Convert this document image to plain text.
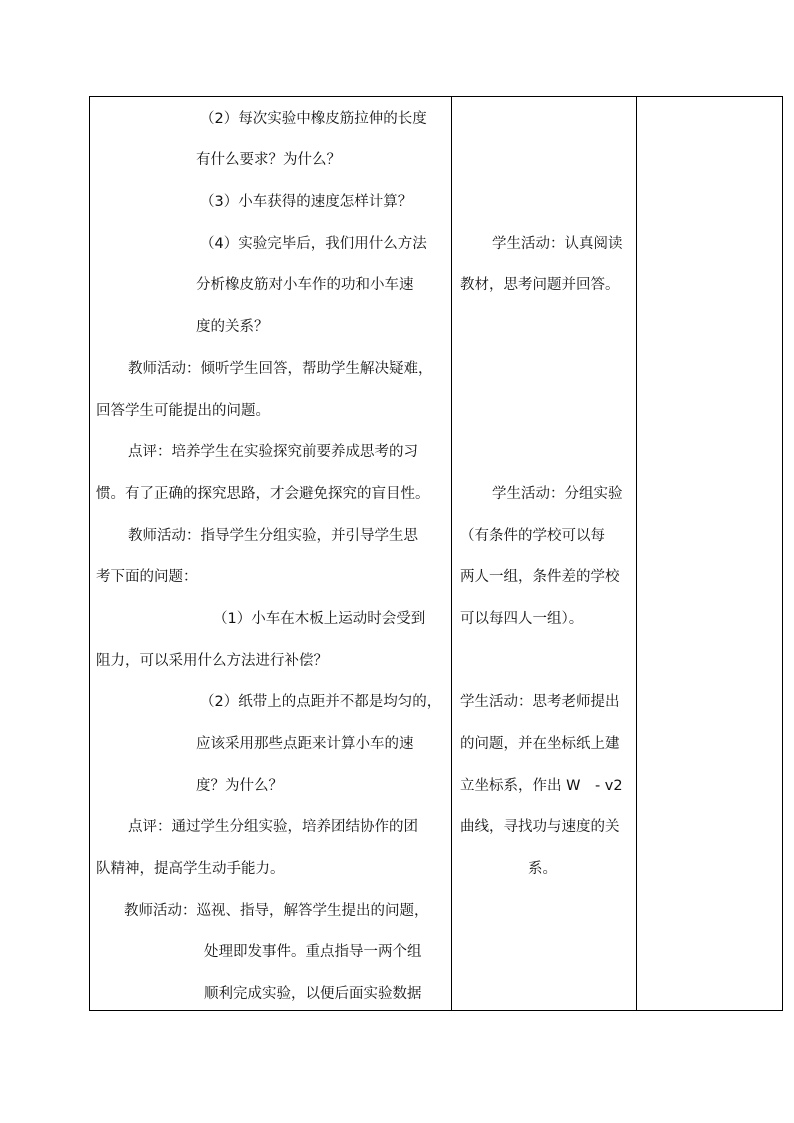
（2）每次实验中橡皮筋拉伸的长度
有什么要求？为什么？
（3）小车获得的速度怎样计算？
（4）实验完毕后，我们用什么方法
分析橡皮筋对小车作的功和小车速
度的关系？
教师活动：倾听学生回答，帮助学生解决疑难，
回答学生可能提出的问题。
点评：培养学生在实验探究前要养成思考的习
惯。有了正确的探究思路，才会避免探究的盲目性。
教师活动：指导学生分组实验，并引导学生思
考下面的问题：
（1）小车在木板上运动时会受到
阻力，可以采用什么方法进行补偿？
（2）纸带上的点距并不都是均匀的，
应该采用那些点距来计算小车的速
度？为什么？
点评：通过学生分组实验，培养团结协作的团
队精神，提高学生动手能力。
教师活动：巡视、指导，解答学生提出的问题，
处理即发事件。重点指导一两个组
顺利完成实验，以便后面实验数据
学生活动：认真阅读
教材，思考问题并回答。
学生活动：分组实验
（有条件的学校可以每
两人一组，条件差的学校
可以每四人一组）。
学生活动：思考老师提出
的问题，并在坐标纸上建
立坐标系，作出 W　- v2
曲线，寻找功与速度的关
系。
